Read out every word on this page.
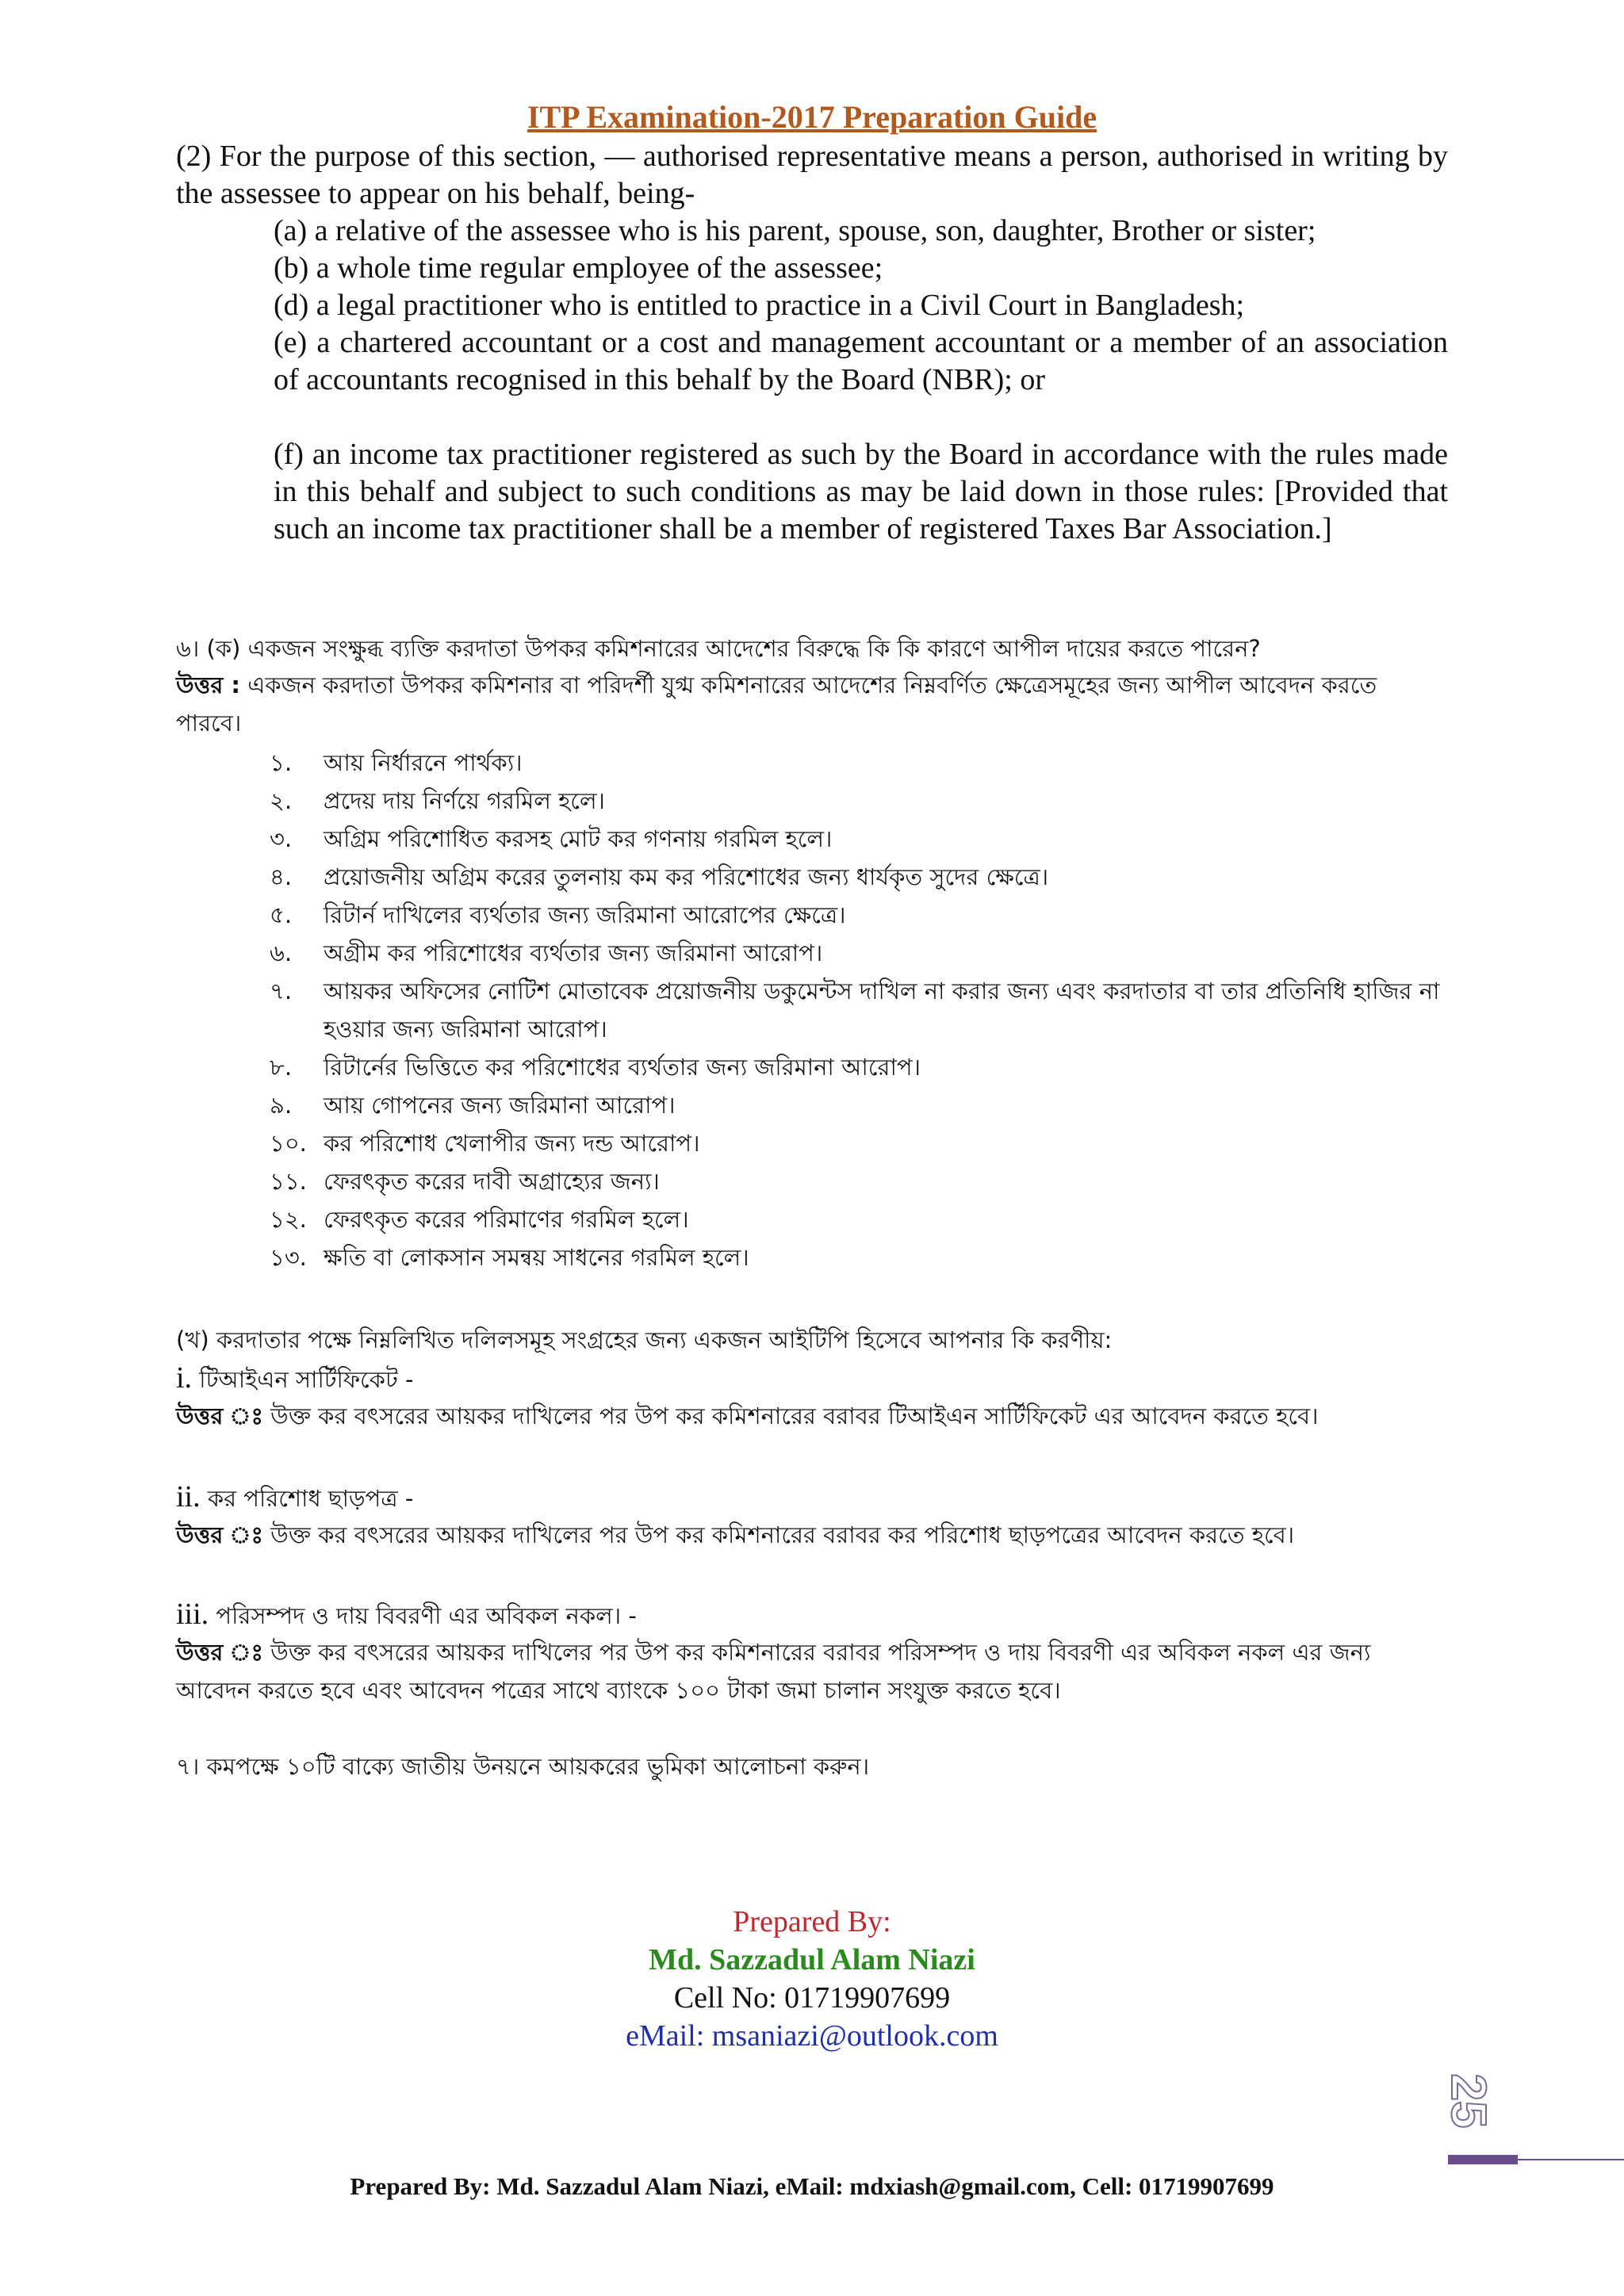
ITP Examination-2017 Preparation Guide
(2) For the purpose of this section, — authorised representative means a person, authorised in writing by the assessee to appear on his behalf, being-
(a) a relative of the assessee who is his parent, spouse, son, daughter, Brother or sister;
(b) a whole time regular employee of the assessee;
(d) a legal practitioner who is entitled to practice in a Civil Court in Bangladesh;
(e) a chartered accountant or a cost and management accountant or a member of an association of accountants recognised in this behalf by the Board (NBR); or
(f) an income tax practitioner registered as such by the Board in accordance with the rules made in this behalf and subject to such conditions as may be laid down in those rules: [Provided that such an income tax practitioner shall be a member of registered Taxes Bar Association.]
৬। (ক) একজন সংক্ষুব্ধ ব্যক্তি করদাতা উপকর কমিশনারের আদেশের বিরুদ্ধে কি কি কারণে আপীল দায়ের করতে পারেন?
উত্তর : একজন করদাতা উপকর কমিশনার বা পরিদর্শী যুগ্ম কমিশনারের আদেশের নিম্নবর্ণিত ক্ষেত্রেসমূহের জন্য আপীল আবেদন করতে পারবে।
১.	আয় নির্ধারনে পার্থক্য।
২.	প্রদেয় দায় নির্ণয়ে গরমিল হলে।
৩.	অগ্রিম পরিশোধিত করসহ মোট কর গণনায় গরমিল হলে।
৪.	প্রয়োজনীয় অগ্রিম করের তুলনায় কম কর পরিশোধের জন্য ধার্যকৃত সুদের ক্ষেত্রে।
৫.	রিটার্ন দাখিলের ব্যর্থতার জন্য জরিমানা আরোপের ক্ষেত্রে।
৬.	অগ্রীম কর পরিশোধের ব্যর্থতার জন্য জরিমানা আরোপ।
৭.	আয়কর অফিসের নোটিশ মোতাবেক প্রয়োজনীয় ডকুমেন্টস দাখিল না করার জন্য এবং করদাতার বা তার প্রতিনিধি হাজির না হওয়ার জন্য জরিমানা আরোপ।
৮.	রিটার্নের ভিত্তিতে কর পরিশোধের ব্যর্থতার জন্য জরিমানা আরোপ।
৯.	আয় গোপনের জন্য জরিমানা আরোপ।
১০. কর পরিশোধ খেলাপীর জন্য দন্ড আরোপ।
১১. ফেরৎকৃত করের দাবী অগ্রাহ্যের জন্য।
১২. ফেরৎকৃত করের পরিমাণের গরমিল হলে।
১৩. ক্ষতি বা লোকসান সমন্বয় সাধনের গরমিল হলে।
(খ) করদাতার পক্ষে নিম্নলিখিত দলিলসমূহ সংগ্রহের জন্য একজন আইটিপি হিসেবে আপনার কি করণীয়:
i. টিআইএন সার্টিফিকেট -
উত্তর ঃ উক্ত কর বৎসরের আয়কর দাখিলের পর উপ কর কমিশনারের বরাবর টিআইএন সার্টিফিকেট এর আবেদন করতে হবে।
ii. কর পরিশোধ ছাড়পত্র -
উত্তর ঃ উক্ত কর বৎসরের আয়কর দাখিলের পর উপ কর কমিশনারের বরাবর কর পরিশোধ ছাড়পত্রের আবেদন করতে হবে।
iii. পরিসম্পদ ও দায় বিবরণী এর অবিকল নকল। -
উত্তর ঃ উক্ত কর বৎসরের আয়কর দাখিলের পর উপ কর কমিশনারের বরাবর পরিসম্পদ ও দায় বিবরণী এর অবিকল নকল এর জন্য আবেদন করতে হবে এবং আবেদন পত্রের সাথে ব্যাংকে ১০০ টাকা জমা চালান সংযুক্ত করতে হবে।
৭। কমপক্ষে ১০টি বাক্যে জাতীয় উনয়নে আয়করের ভুমিকা আলোচনা করুন।
Prepared By:
Md. Sazzadul Alam Niazi
Cell No: 01719907699
eMail: msaniazi@outlook.com
25
Prepared By: Md. Sazzadul Alam Niazi, eMail: mdxiash@gmail.com, Cell: 01719907699
